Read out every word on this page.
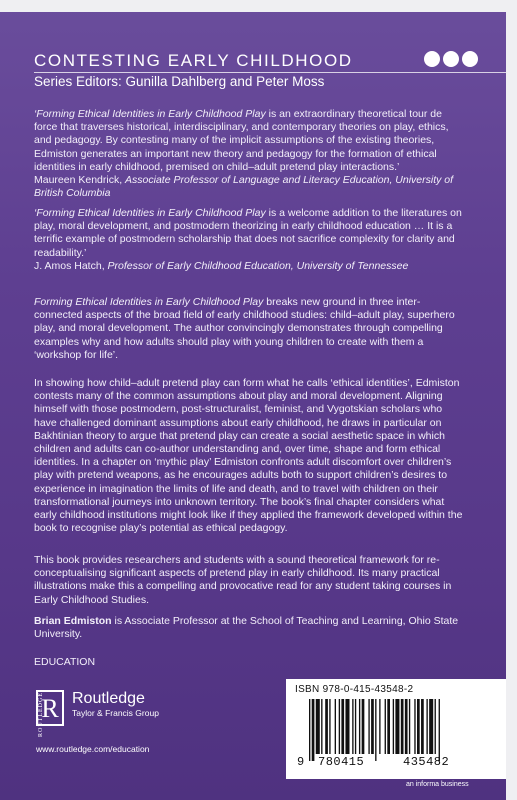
CONTESTING EARLY CHILDHOOD

Series Editors: Gunilla Dahlberg and Peter Moss

‘Forming Ethical Identities in Early Childhood Play is an extraordinary theoretical tour de force that traverses historical, interdisciplinary, and contemporary theories on play, ethics, and pedagogy. By contesting many of the implicit assumptions of the existing theories, Edmiston generates an important new theory and pedagogy for the formation of ethical identities in early childhood, premised on child–adult pretend play interactions.’

Maureen Kendrick, Associate Professor of Language and Literacy Education, University of British Columbia

‘Forming Ethical Identities in Early Childhood Play is a welcome addition to the literatures on play, moral development, and postmodern theorizing in early childhood education … It is a terrific example of postmodern scholarship that does not sacrifice complexity for clarity and readability.’

J. Amos Hatch, Professor of Early Childhood Education, University of Tennessee

Forming Ethical Identities in Early Childhood Play breaks new ground in three inter-connected aspects of the broad field of early childhood studies: child–adult play, superhero play, and moral development. The author convincingly demonstrates through compelling examples why and how adults should play with young children to create with them a ‘workshop for life’.

In showing how child–adult pretend play can form what he calls ‘ethical identities’, Edmiston contests many of the common assumptions about play and moral development. Aligning himself with those postmodern, post-structuralist, feminist, and Vygotskian scholars who have challenged dominant assumptions about early childhood, he draws in particular on Bakhtinian theory to argue that pretend play can create a social aesthetic space in which children and adults can co-author understanding and, over time, shape and form ethical identities. In a chapter on ‘mythic play’ Edmiston confronts adult discomfort over children’s play with pretend weapons, as he encourages adults both to support children’s desires to experience in imagination the limits of life and death, and to travel with children on their transformational journeys into unknown territory. The book’s final chapter considers what early childhood institutions might look like if they applied the framework developed within the book to recognise play’s potential as ethical pedagogy.

This book provides researchers and students with a sound theoretical framework for re-conceptualising significant aspects of pretend play in early childhood. Its many practical illustrations make this a compelling and provocative read for any student taking courses in Early Childhood Studies.

Brian Edmiston is Associate Professor at the School of Teaching and Learning, Ohio State University.

EDUCATION

R
ROUTLEDGE	Routledge
Taylor & Francis Group
www.routledge.com/education
ISBN 978-0-415-43548-2
9 780415	435482
an informa business
